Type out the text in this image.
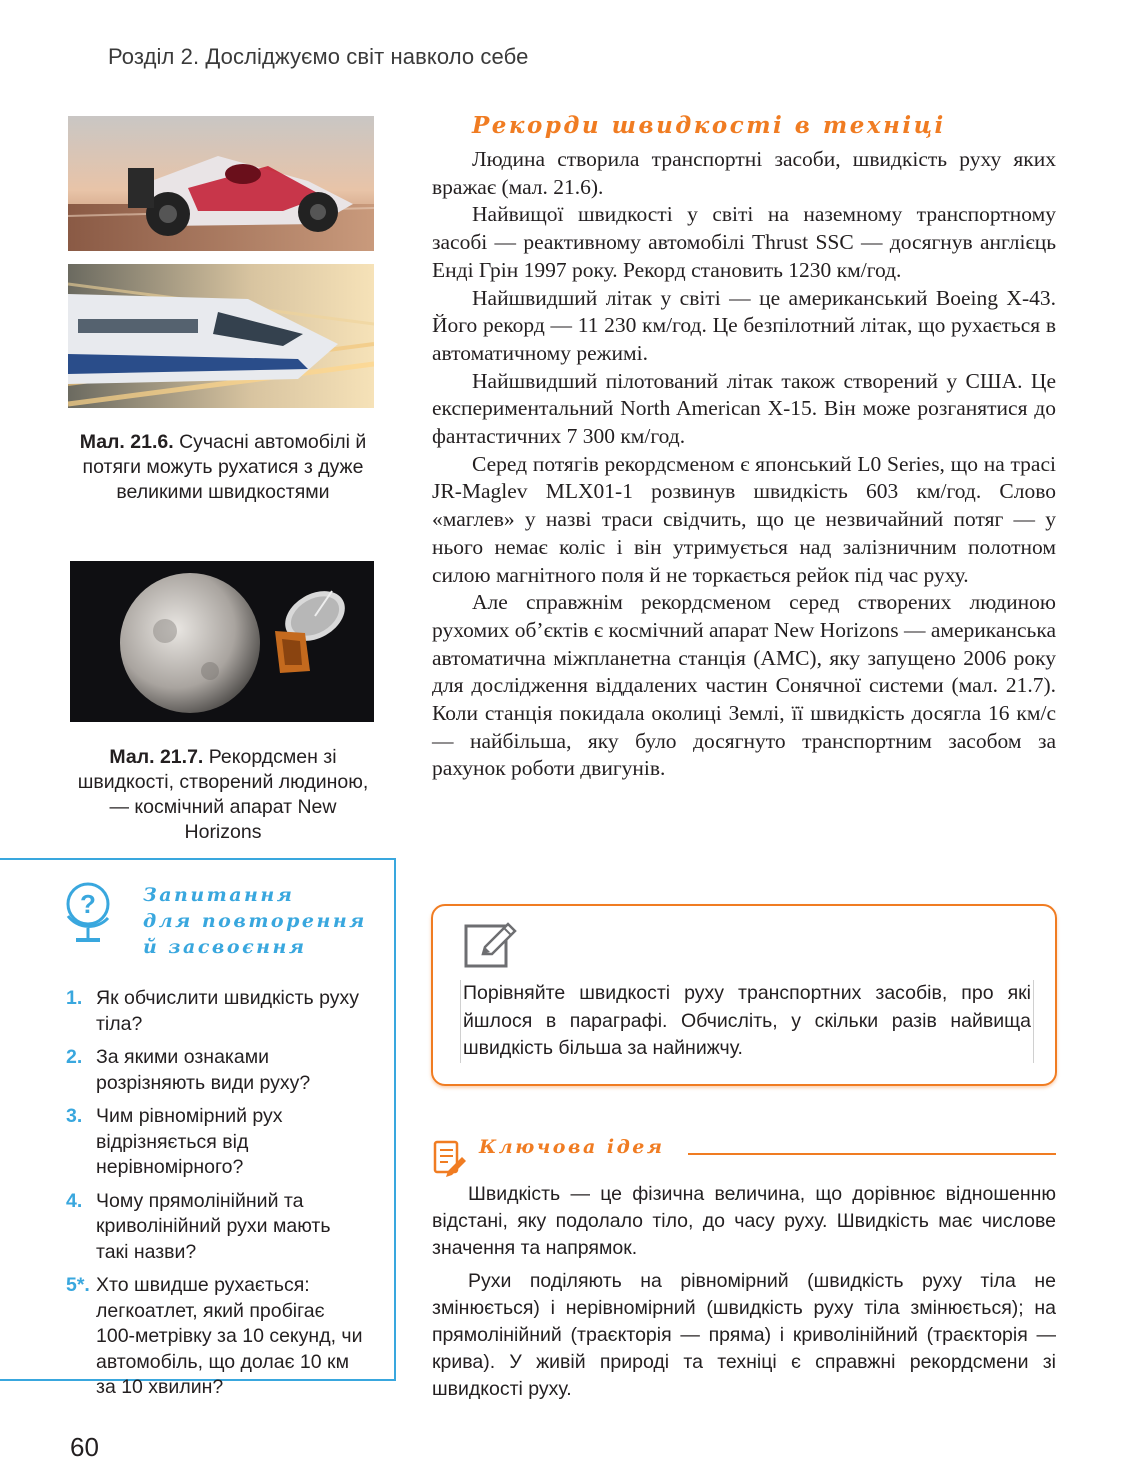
Розділ 2. Досліджуємо світ навколо себе
Мал. 21.6. Сучасні автомобілі й потяги можуть рухатися з дуже великими швидкостями
Мал. 21.7. Рекордсмен зі швидкості, створений людиною, — космічний апарат New Horizons
Рекорди швидкості в техніці

Людина створила транспортні засоби, швидкість руху яких вражає (мал. 21.6).

Найвищої швидкості у світі на наземному транспортному засобі — реактивному автомобілі Thrust SSC — досягнув англієць Енді Грін 1997 року. Рекорд становить 1230 км/год.

Найшвидший літак у світі — це американський Boeing X-43. Його рекорд — 11 230 км/год. Це безпілотний літак, що рухається в автоматичному режимі.

Найшвидший пілотований літак також створений у США. Це експериментальний North American X-15. Він може розганятися до фантастичних 7 300 км/год.

Серед потягів рекордсменом є японський L0 Series, що на трасі JR-Maglev MLX01-1 розвинув швидкість 603 км/год. Слово «маглев» у назві траси свідчить, що це незвичайний потяг — у нього немає коліс і він утримується над залізничним полотном силою магнітного поля й не торкається рейок під час руху.

Але справжнім рекордсменом серед створених людиною рухомих об’єктів є космічний апарат New Horizons — американська автоматична міжпланетна станція (АМС), яку запущено 2006 року для дослідження віддалених частин Сонячної системи (мал. 21.7). Коли станція покидала околиці Землі, її швидкість досягла 16 км/с — найбільша, яку було досягнуто транспортним засобом за рахунок роботи двигунів.

Порівняйте швидкості руху транспортних засобів, про які йшлося в параграфі. Обчисліть, у скільки разів найвища швидкість більша за найнижчу.
Ключова ідея

Швидкість — це фізична величина, що дорівнює відношенню відстані, яку подолало тіло, до часу руху. Швидкість має числове значення та напрямок.

Рухи поділяють на рівномірний (швидкість руху тіла не змінюється) і нерівномірний (швидкість руху тіла змінюється); на прямолінійний (траєкторія — пряма) і криволінійний (траєкторія — крива). У живій природі та техніці є справжні рекордсмени зі швидкості руху.

? Запитання
для повторення
й засвоєння
1. Як обчислити швидкість руху тіла?
2. За якими ознаками розрізняють види руху?
3. Чим рівномірний рух відрізняється від нерівномірного?
4. Чому прямолінійний та криволінійний рухи мають такі назви?
5*. Хто швидше рухається: легкоатлет, який пробігає 100-метрівку за 10 секунд, чи автомобіль, що долає 10 км за 10 хвилин?
60
